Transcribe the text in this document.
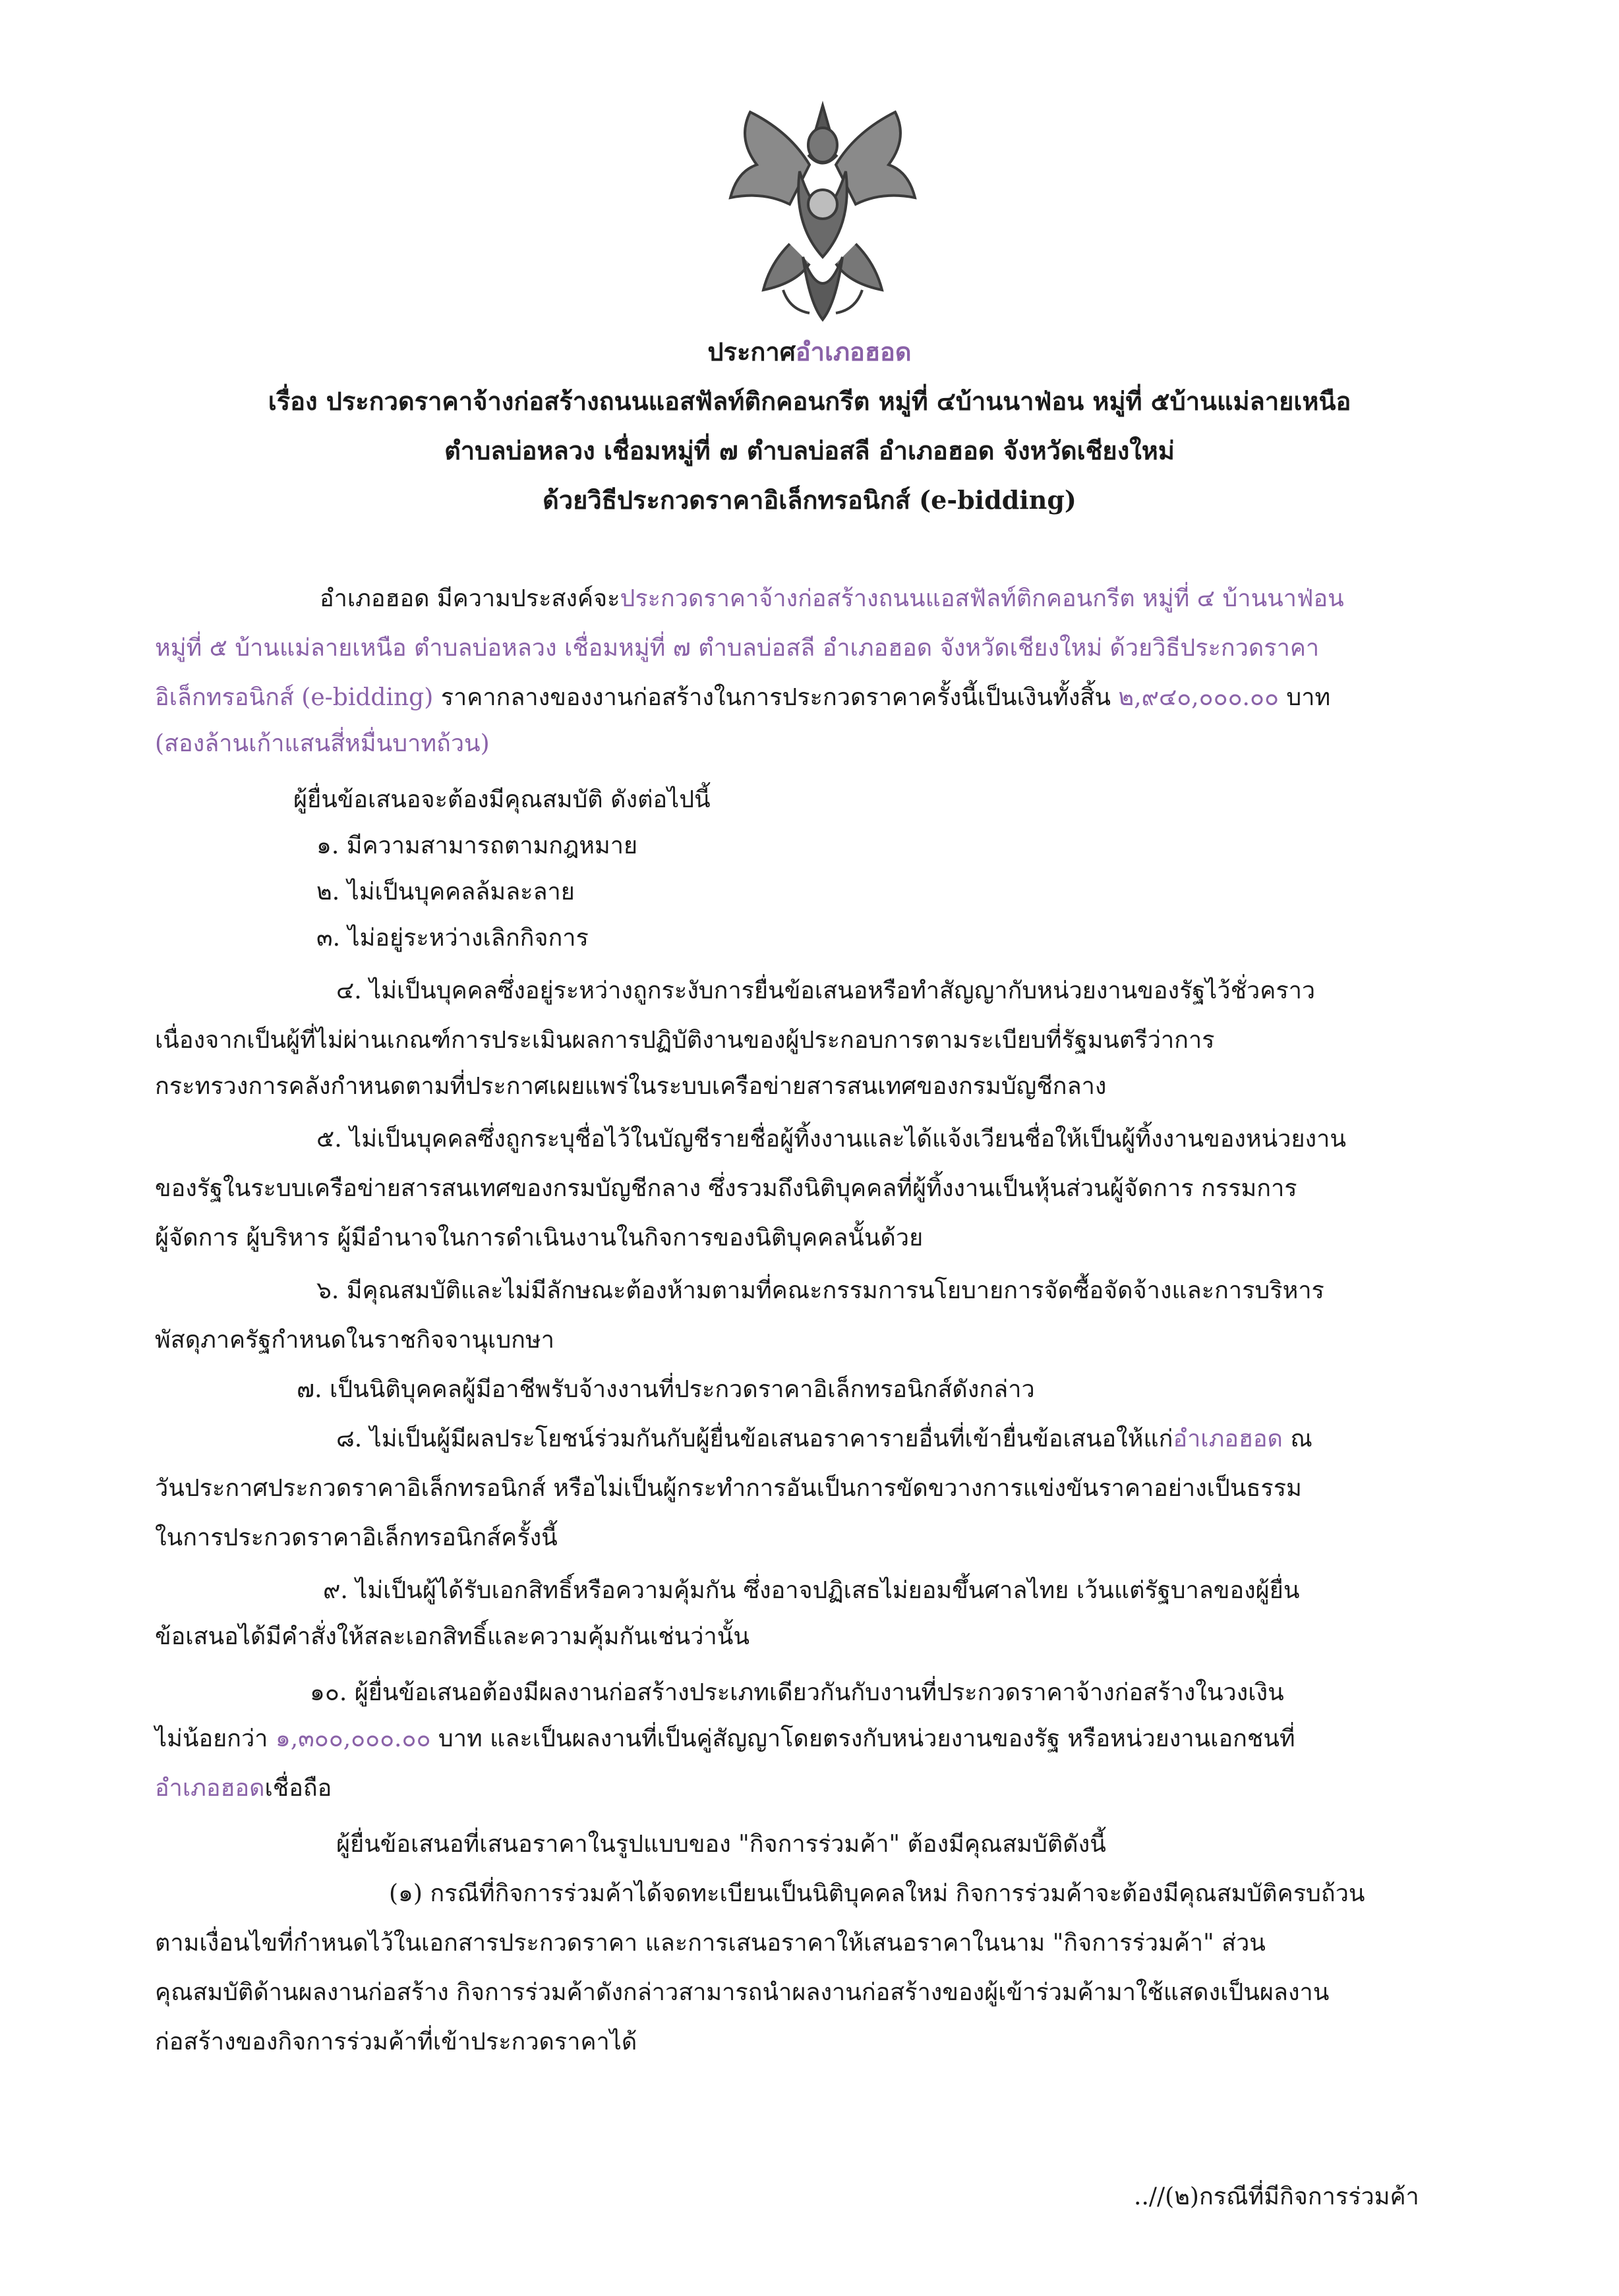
ประกาศอำเภอฮอด
เรื่อง ประกวดราคาจ้างก่อสร้างถนนแอสฟัลท์ติกคอนกรีต หมู่ที่ ๔บ้านนาฟ่อน หมู่ที่ ๕บ้านแม่ลายเหนือ
ตำบลบ่อหลวง เชื่อมหมู่ที่ ๗ ตำบลบ่อสลี อำเภอฮอด จังหวัดเชียงใหม่
ด้วยวิธีประกวดราคาอิเล็กทรอนิกส์ (e-bidding)
อำเภอฮอด มีความประสงค์จะประกวดราคาจ้างก่อสร้างถนนแอสฟัลท์ติกคอนกรีต หมู่ที่ ๔ บ้านนาฟ่อน
หมู่ที่ ๕ บ้านแม่ลายเหนือ ตำบลบ่อหลวง เชื่อมหมู่ที่ ๗ ตำบลบ่อสลี อำเภอฮอด จังหวัดเชียงใหม่ ด้วยวิธีประกวดราคา
อิเล็กทรอนิกส์ (e-bidding) ราคากลางของงานก่อสร้างในการประกวดราคาครั้งนี้เป็นเงินทั้งสิ้น ๒,๙๔๐,๐๐๐.๐๐ บาท
(สองล้านเก้าแสนสี่หมื่นบาทถ้วน)
ผู้ยื่นข้อเสนอจะต้องมีคุณสมบัติ ดังต่อไปนี้
๑. มีความสามารถตามกฎหมาย
๒. ไม่เป็นบุคคลล้มละลาย
๓. ไม่อยู่ระหว่างเลิกกิจการ
๔. ไม่เป็นบุคคลซึ่งอยู่ระหว่างถูกระงับการยื่นข้อเสนอหรือทำสัญญากับหน่วยงานของรัฐไว้ชั่วคราว
เนื่องจากเป็นผู้ที่ไม่ผ่านเกณฑ์การประเมินผลการปฏิบัติงานของผู้ประกอบการตามระเบียบที่รัฐมนตรีว่าการ
กระทรวงการคลังกำหนดตามที่ประกาศเผยแพร่ในระบบเครือข่ายสารสนเทศของกรมบัญชีกลาง
๕. ไม่เป็นบุคคลซึ่งถูกระบุชื่อไว้ในบัญชีรายชื่อผู้ทิ้งงานและได้แจ้งเวียนชื่อให้เป็นผู้ทิ้งงานของหน่วยงาน
ของรัฐในระบบเครือข่ายสารสนเทศของกรมบัญชีกลาง ซึ่งรวมถึงนิติบุคคลที่ผู้ทิ้งงานเป็นหุ้นส่วนผู้จัดการ กรรมการ
ผู้จัดการ ผู้บริหาร ผู้มีอำนาจในการดำเนินงานในกิจการของนิติบุคคลนั้นด้วย
๖. มีคุณสมบัติและไม่มีลักษณะต้องห้ามตามที่คณะกรรมการนโยบายการจัดซื้อจัดจ้างและการบริหาร
พัสดุภาครัฐกำหนดในราชกิจจานุเบกษา
๗. เป็นนิติบุคคลผู้มีอาชีพรับจ้างงานที่ประกวดราคาอิเล็กทรอนิกส์ดังกล่าว
๘. ไม่เป็นผู้มีผลประโยชน์ร่วมกันกับผู้ยื่นข้อเสนอราคารายอื่นที่เข้ายื่นข้อเสนอให้แก่อำเภอฮอด ณ
วันประกาศประกวดราคาอิเล็กทรอนิกส์ หรือไม่เป็นผู้กระทำการอันเป็นการขัดขวางการแข่งขันราคาอย่างเป็นธรรม
ในการประกวดราคาอิเล็กทรอนิกส์ครั้งนี้
๙. ไม่เป็นผู้ได้รับเอกสิทธิ์หรือความคุ้มกัน ซึ่งอาจปฏิเสธไม่ยอมขึ้นศาลไทย เว้นแต่รัฐบาลของผู้ยื่น
ข้อเสนอได้มีคำสั่งให้สละเอกสิทธิ์และความคุ้มกันเช่นว่านั้น
๑๐. ผู้ยื่นข้อเสนอต้องมีผลงานก่อสร้างประเภทเดียวกันกับงานที่ประกวดราคาจ้างก่อสร้างในวงเงิน
ไม่น้อยกว่า ๑,๓๐๐,๐๐๐.๐๐ บาท และเป็นผลงานที่เป็นคู่สัญญาโดยตรงกับหน่วยงานของรัฐ หรือหน่วยงานเอกชนที่
อำเภอฮอดเชื่อถือ
ผู้ยื่นข้อเสนอที่เสนอราคาในรูปแบบของ "กิจการร่วมค้า" ต้องมีคุณสมบัติดังนี้
(๑) กรณีที่กิจการร่วมค้าได้จดทะเบียนเป็นนิติบุคคลใหม่ กิจการร่วมค้าจะต้องมีคุณสมบัติครบถ้วน
ตามเงื่อนไขที่กำหนดไว้ในเอกสารประกวดราคา และการเสนอราคาให้เสนอราคาในนาม "กิจการร่วมค้า" ส่วน
คุณสมบัติด้านผลงานก่อสร้าง กิจการร่วมค้าดังกล่าวสามารถนำผลงานก่อสร้างของผู้เข้าร่วมค้ามาใช้แสดงเป็นผลงาน
ก่อสร้างของกิจการร่วมค้าที่เข้าประกวดราคาได้
..//(๒)กรณีที่มีกิจการร่วมค้า
